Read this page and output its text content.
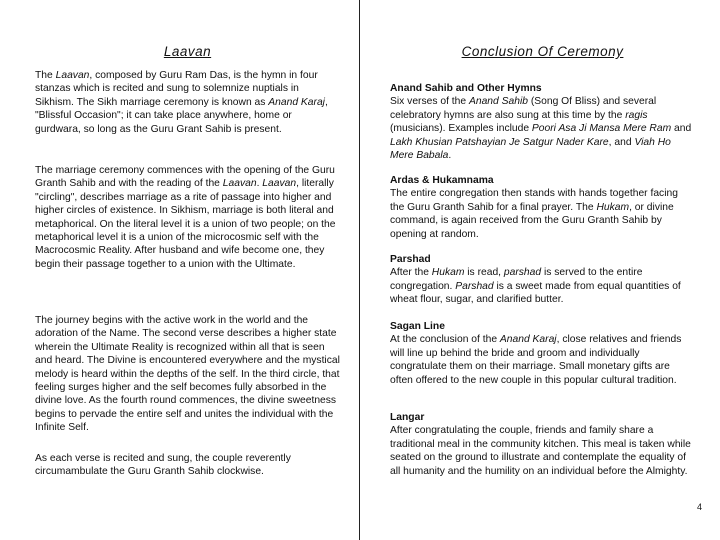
Laavan

The Laavan, composed by Guru Ram Das, is the hymn in four stanzas which is recited and sung to solemnize nuptials in Sikhism. The Sikh marriage ceremony is known as Anand Karaj, "Blissful Occasion"; it can take place anywhere, home or gurdwara, so long as the Guru Grant Sahib is present.

The marriage ceremony commences with the opening of the Guru Granth Sahib and with the reading of the Laavan. Laavan, literally "circling", describes marriage as a rite of passage into higher and higher circles of existence. In Sikhism, marriage is both literal and metaphorical. On the literal level it is a union of two people; on the metaphorical level it is a union of the microcosmic self with the Macrocosmic Reality. After husband and wife become one, they begin their passage together to a union with the Ultimate.

The journey begins with the active work in the world and the adoration of the Name. The second verse describes a higher state wherein the Ultimate Reality is recognized within all that is seen and heard. The Divine is encountered everywhere and the mystical melody is heard within the depths of the self. In the third circle, that feeling surges higher and the self becomes fully absorbed in the divine love. As the fourth round commences, the divine sweetness begins to pervade the entire self and unites the individual with the Infinite Self.

As each verse is recited and sung, the couple reverently circumambulate the Guru Granth Sahib clockwise.

Conclusion Of Ceremony

Anand Sahib and Other Hymns
Six verses of the Anand Sahib (Song Of Bliss) and several celebratory hymns are also sung at this time by the ragis (musicians). Examples include Poori Asa Ji Mansa Mere Ram and Lakh Khusian Patshayian Je Satgur Nader Kare, and Viah Ho Mere Babala.

Ardas & Hukamnama
The entire congregation then stands with hands together facing the Guru Granth Sahib for a final prayer. The Hukam, or divine command, is again received from the Guru Granth Sahib by opening at random.

Parshad
After the Hukam is read, parshad is served to the entire congregation. Parshad is a sweet made from equal quantities of wheat flour, sugar, and clarified butter.

Sagan Line
At the conclusion of the Anand Karaj, close relatives and friends will line up behind the bride and groom and individually congratulate them on their marriage. Small monetary gifts are often offered to the new couple in this popular cultural tradition.

Langar
After congratulating the couple, friends and family share a traditional meal in the community kitchen. This meal is taken while seated on the ground to illustrate and contemplate the equality of all humanity and the humility on an individual before the Almighty.

4
